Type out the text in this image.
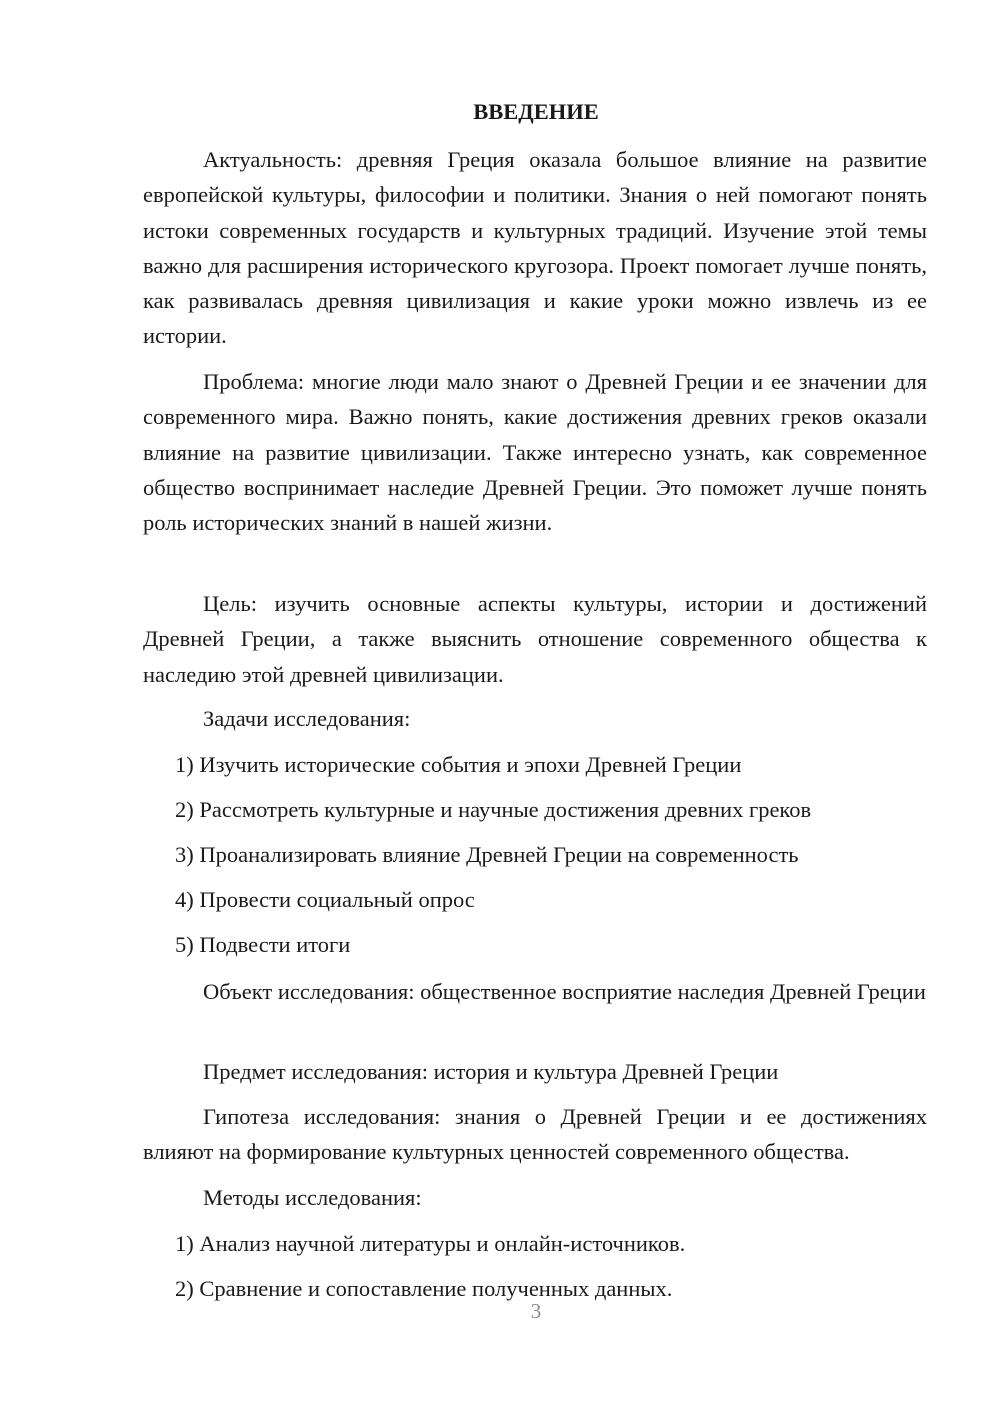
ВВЕДЕНИЕ

Актуальность: древняя Греция оказала большое влияние на развитие европейской культуры, философии и политики. Знания о ней помогают понять истоки современных государств и культурных традиций. Изучение этой темы важно для расширения исторического кругозора. Проект помогает лучше понять, как развивалась древняя цивилизация и какие уроки можно извлечь из ее истории.

Проблема: многие люди мало знают о Древней Греции и ее значении для современного мира. Важно понять, какие достижения древних греков оказали влияние на развитие цивилизации. Также интересно узнать, как современное общество воспринимает наследие Древней Греции. Это поможет лучше понять роль исторических знаний в нашей жизни.

Цель: изучить основные аспекты культуры, истории и достижений Древней Греции, а также выяснить отношение современного общества к наследию этой древней цивилизации.

Задачи исследования:

1) Изучить исторические события и эпохи Древней Греции

2) Рассмотреть культурные и научные достижения древних греков

3) Проанализировать влияние Древней Греции на современность

4) Провести социальный опрос

5) Подвести итоги

Объект исследования: общественное восприятие наследия Древней Греции

Предмет исследования: история и культура Древней Греции

Гипотеза исследования: знания о Древней Греции и ее достижениях влияют на формирование культурных ценностей современного общества.

Методы исследования:

1) Анализ научной литературы и онлайн-источников.

2) Сравнение и сопоставление полученных данных.

3
